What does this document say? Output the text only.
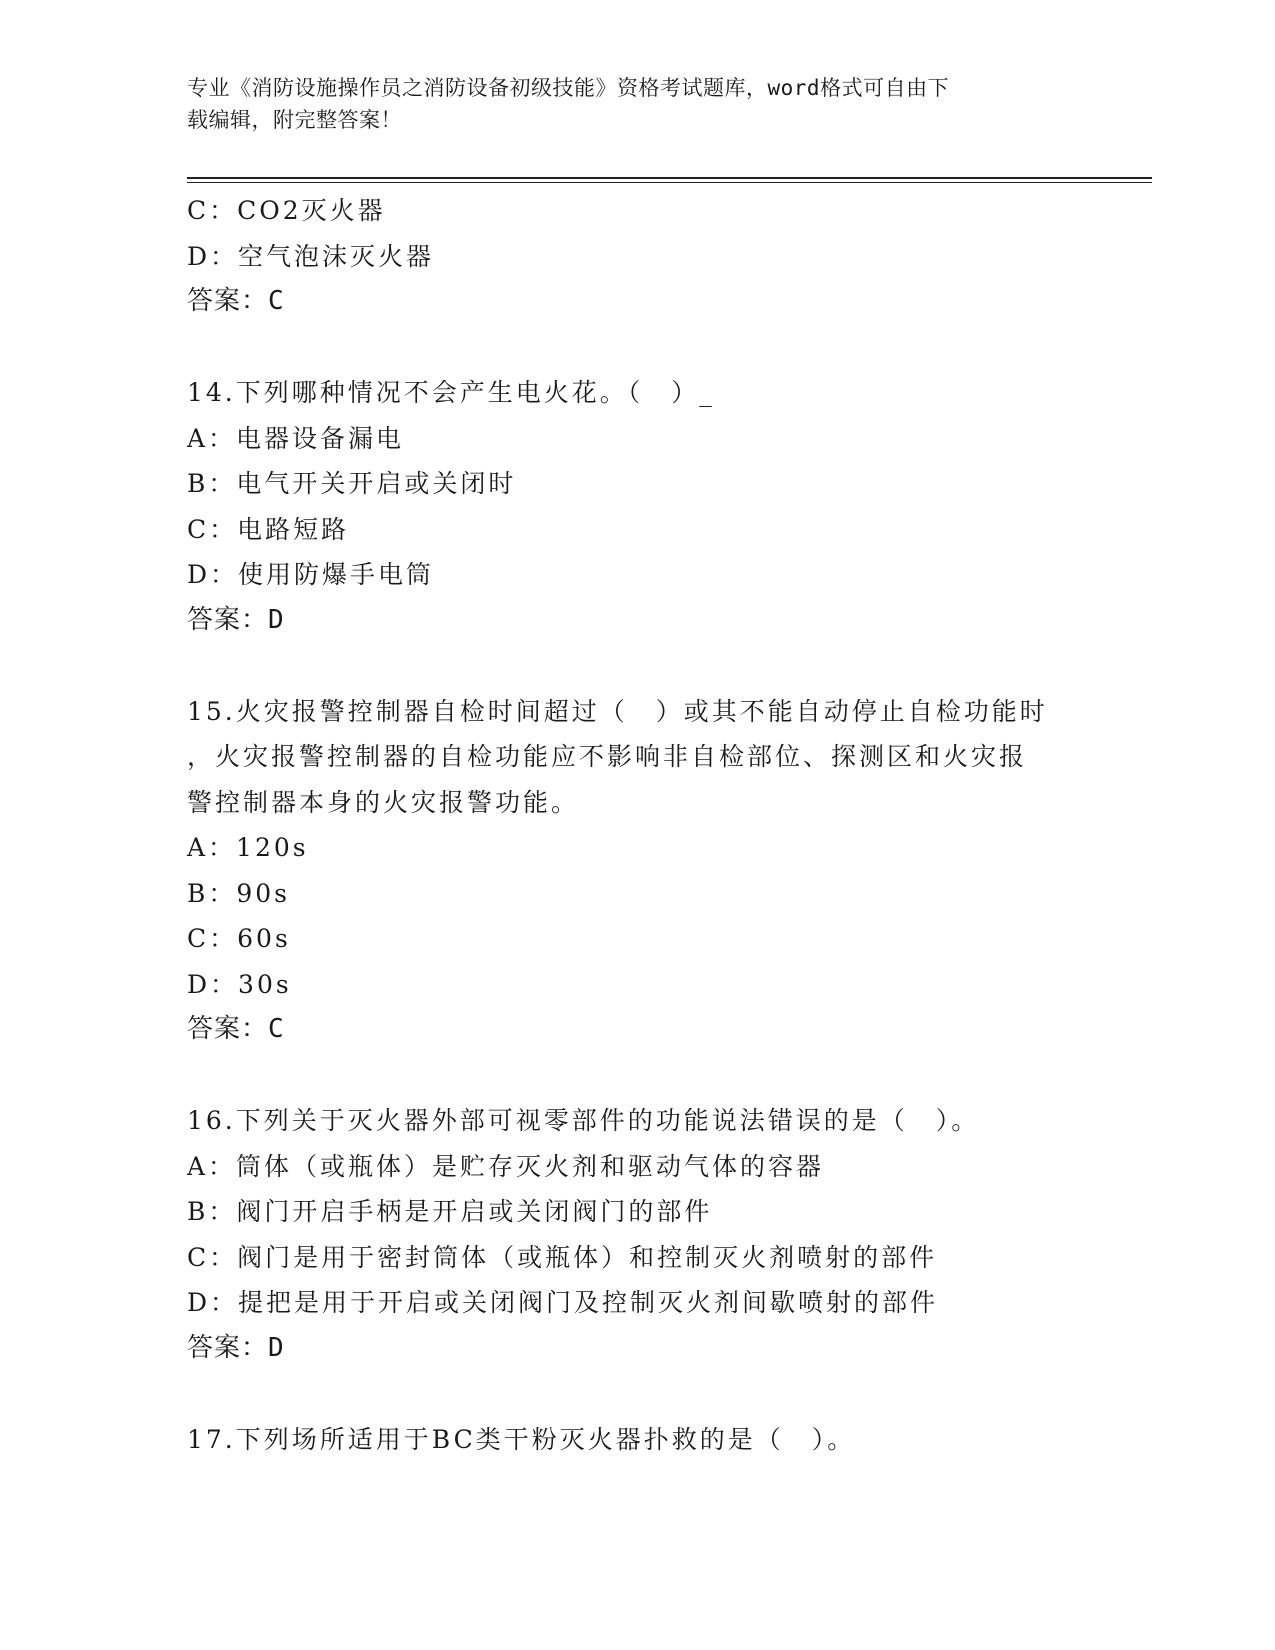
专业《消防设施操作员之消防设备初级技能》资格考试题库，word格式可自由下
载编辑，附完整答案！
C：CO2灭火器
D：空气泡沫灭火器
答案：C
14.下列哪种情况不会产生电火花。（　）_
A：电器设备漏电
B：电气开关开启或关闭时
C：电路短路
D：使用防爆手电筒
答案：D
15.火灾报警控制器自检时间超过（　）或其不能自动停止自检功能时
，火灾报警控制器的自检功能应不影响非自检部位、探测区和火灾报
警控制器本身的火灾报警功能。
A：120s
B：90s
C：60s
D：30s
答案：C
16.下列关于灭火器外部可视零部件的功能说法错误的是（　）。
A：筒体（或瓶体）是贮存灭火剂和驱动气体的容器
B：阀门开启手柄是开启或关闭阀门的部件
C：阀门是用于密封筒体（或瓶体）和控制灭火剂喷射的部件
D：提把是用于开启或关闭阀门及控制灭火剂间歇喷射的部件
答案：D
17.下列场所适用于BC类干粉灭火器扑救的是（　）。
